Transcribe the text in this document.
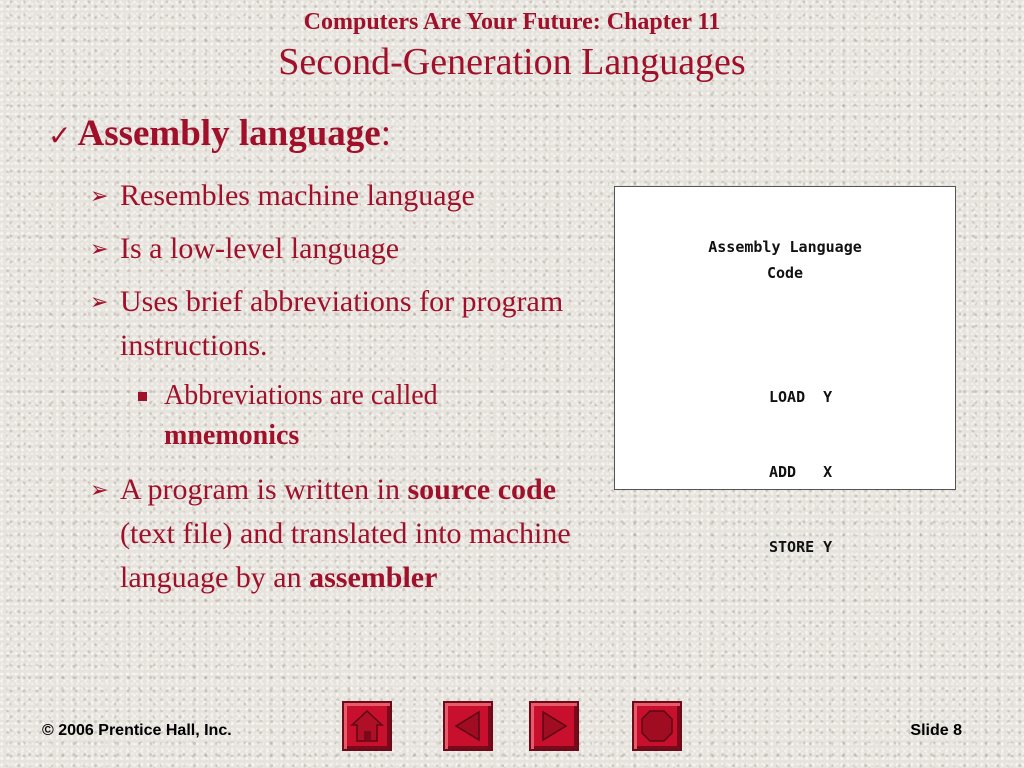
Computers Are Your Future: Chapter 11
Second-Generation Languages
✓ Assembly language:
➢ Resembles machine language
➢ Is a low-level language
➢ Uses brief abbreviations for program instructions.
Abbreviations are called
mnemonics
➢ A program is written in source code (text file) and translated into machine language by an assembler
Assembly Language
Code

LOAD  Y

ADD   X

STORE Y

© 2006 Prentice Hall, Inc.	Slide 8
